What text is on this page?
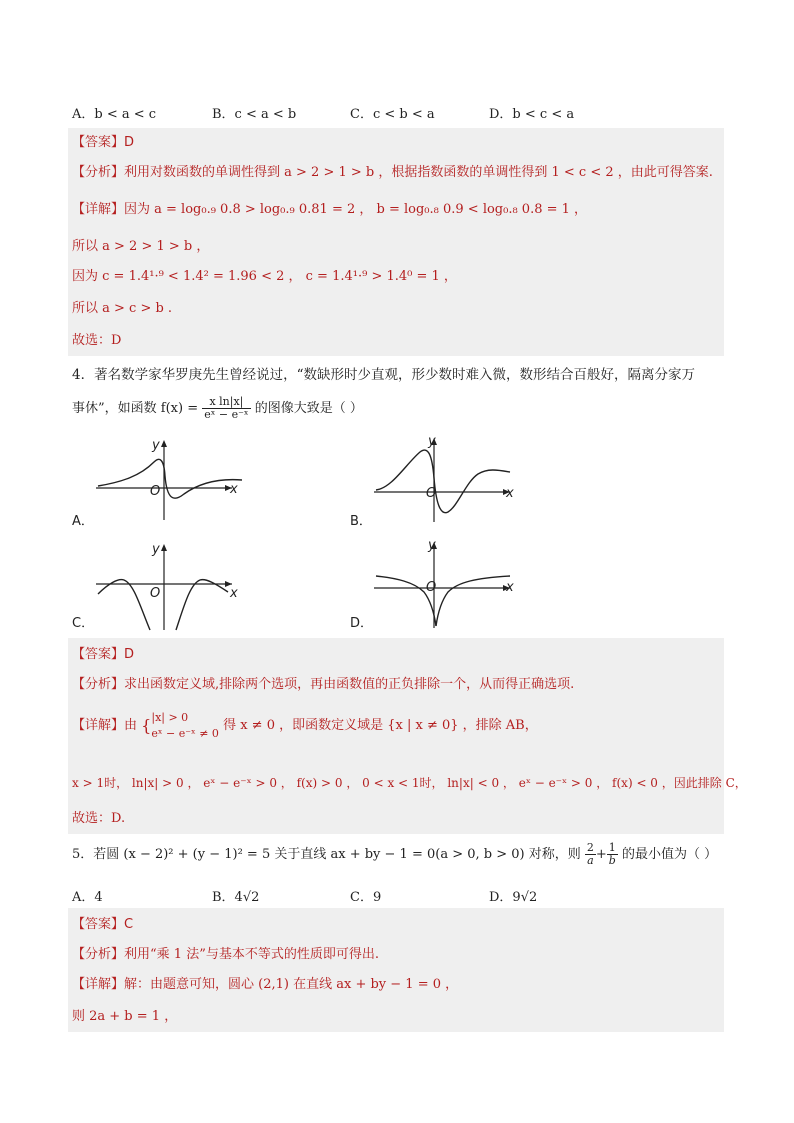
A．b < a < c	B．c < a < b	C．c < b < a	D．b < c < a
【答案】D
【分析】利用对数函数的单调性得到 a > 2 > 1 > b ，根据指数函数的单调性得到 1 < c < 2 ，由此可得答案.
【详解】因为 a = log₀.₉ 0.8 > log₀.₉ 0.81 = 2 ， b = log₀.₈ 0.9 < log₀.₈ 0.8 = 1 ，
所以 a > 2 > 1 > b ，
因为 c = 1.4¹·⁹ < 1.4² = 1.96 < 2 ， c = 1.4¹·⁹ > 1.4⁰ = 1 ，
所以 a > c > b .
故选：D
4．著名数学家华罗庚先生曾经说过，“数缺形时少直观，形少数时难入微，数形结合百般好，隔离分家万
事休”，如函数 $f(x) = \frac{\text{x ln|x|}}{\text{eˣ − e⁻ˣ}}$ 的图像大致是（ ）
y
x
O
A．
y
x
O
B．
y
x
O
C．
y
x
O
D．
【答案】D
【分析】求出函数定义域,排除两个选项，再由函数值的正负排除一个，从而得正确选项.
【详解】由 { |x| > 0
eˣ − e⁻ˣ ≠ 0
得 x ≠ 0 ，即函数定义域是 {x | x ≠ 0} ，排除 AB，
x > 1时， ln|x| > 0 ， eˣ − e⁻ˣ > 0 ， f(x) > 0 ， 0 < x < 1时， ln|x| < 0 ， eˣ − e⁻ˣ > 0 ， f(x) < 0 ，因此排除 C，
故选：D.
5．若圆 (x − 2)² + (y − 1)² = 5 关于直线 ax + by − 1 = 0(a > 0, b > 0) 对称，则 $\frac{2}{a} + \frac{1}{b}$ 的最小值为（ ）
A．4	B．4√2	C．9	D．9√2
【答案】C
【分析】利用“乘 1 法”与基本不等式的性质即可得出.
【详解】解：由题意可知，圆心 (2,1) 在直线 ax + by − 1 = 0 ，
则 2a + b = 1 ，
